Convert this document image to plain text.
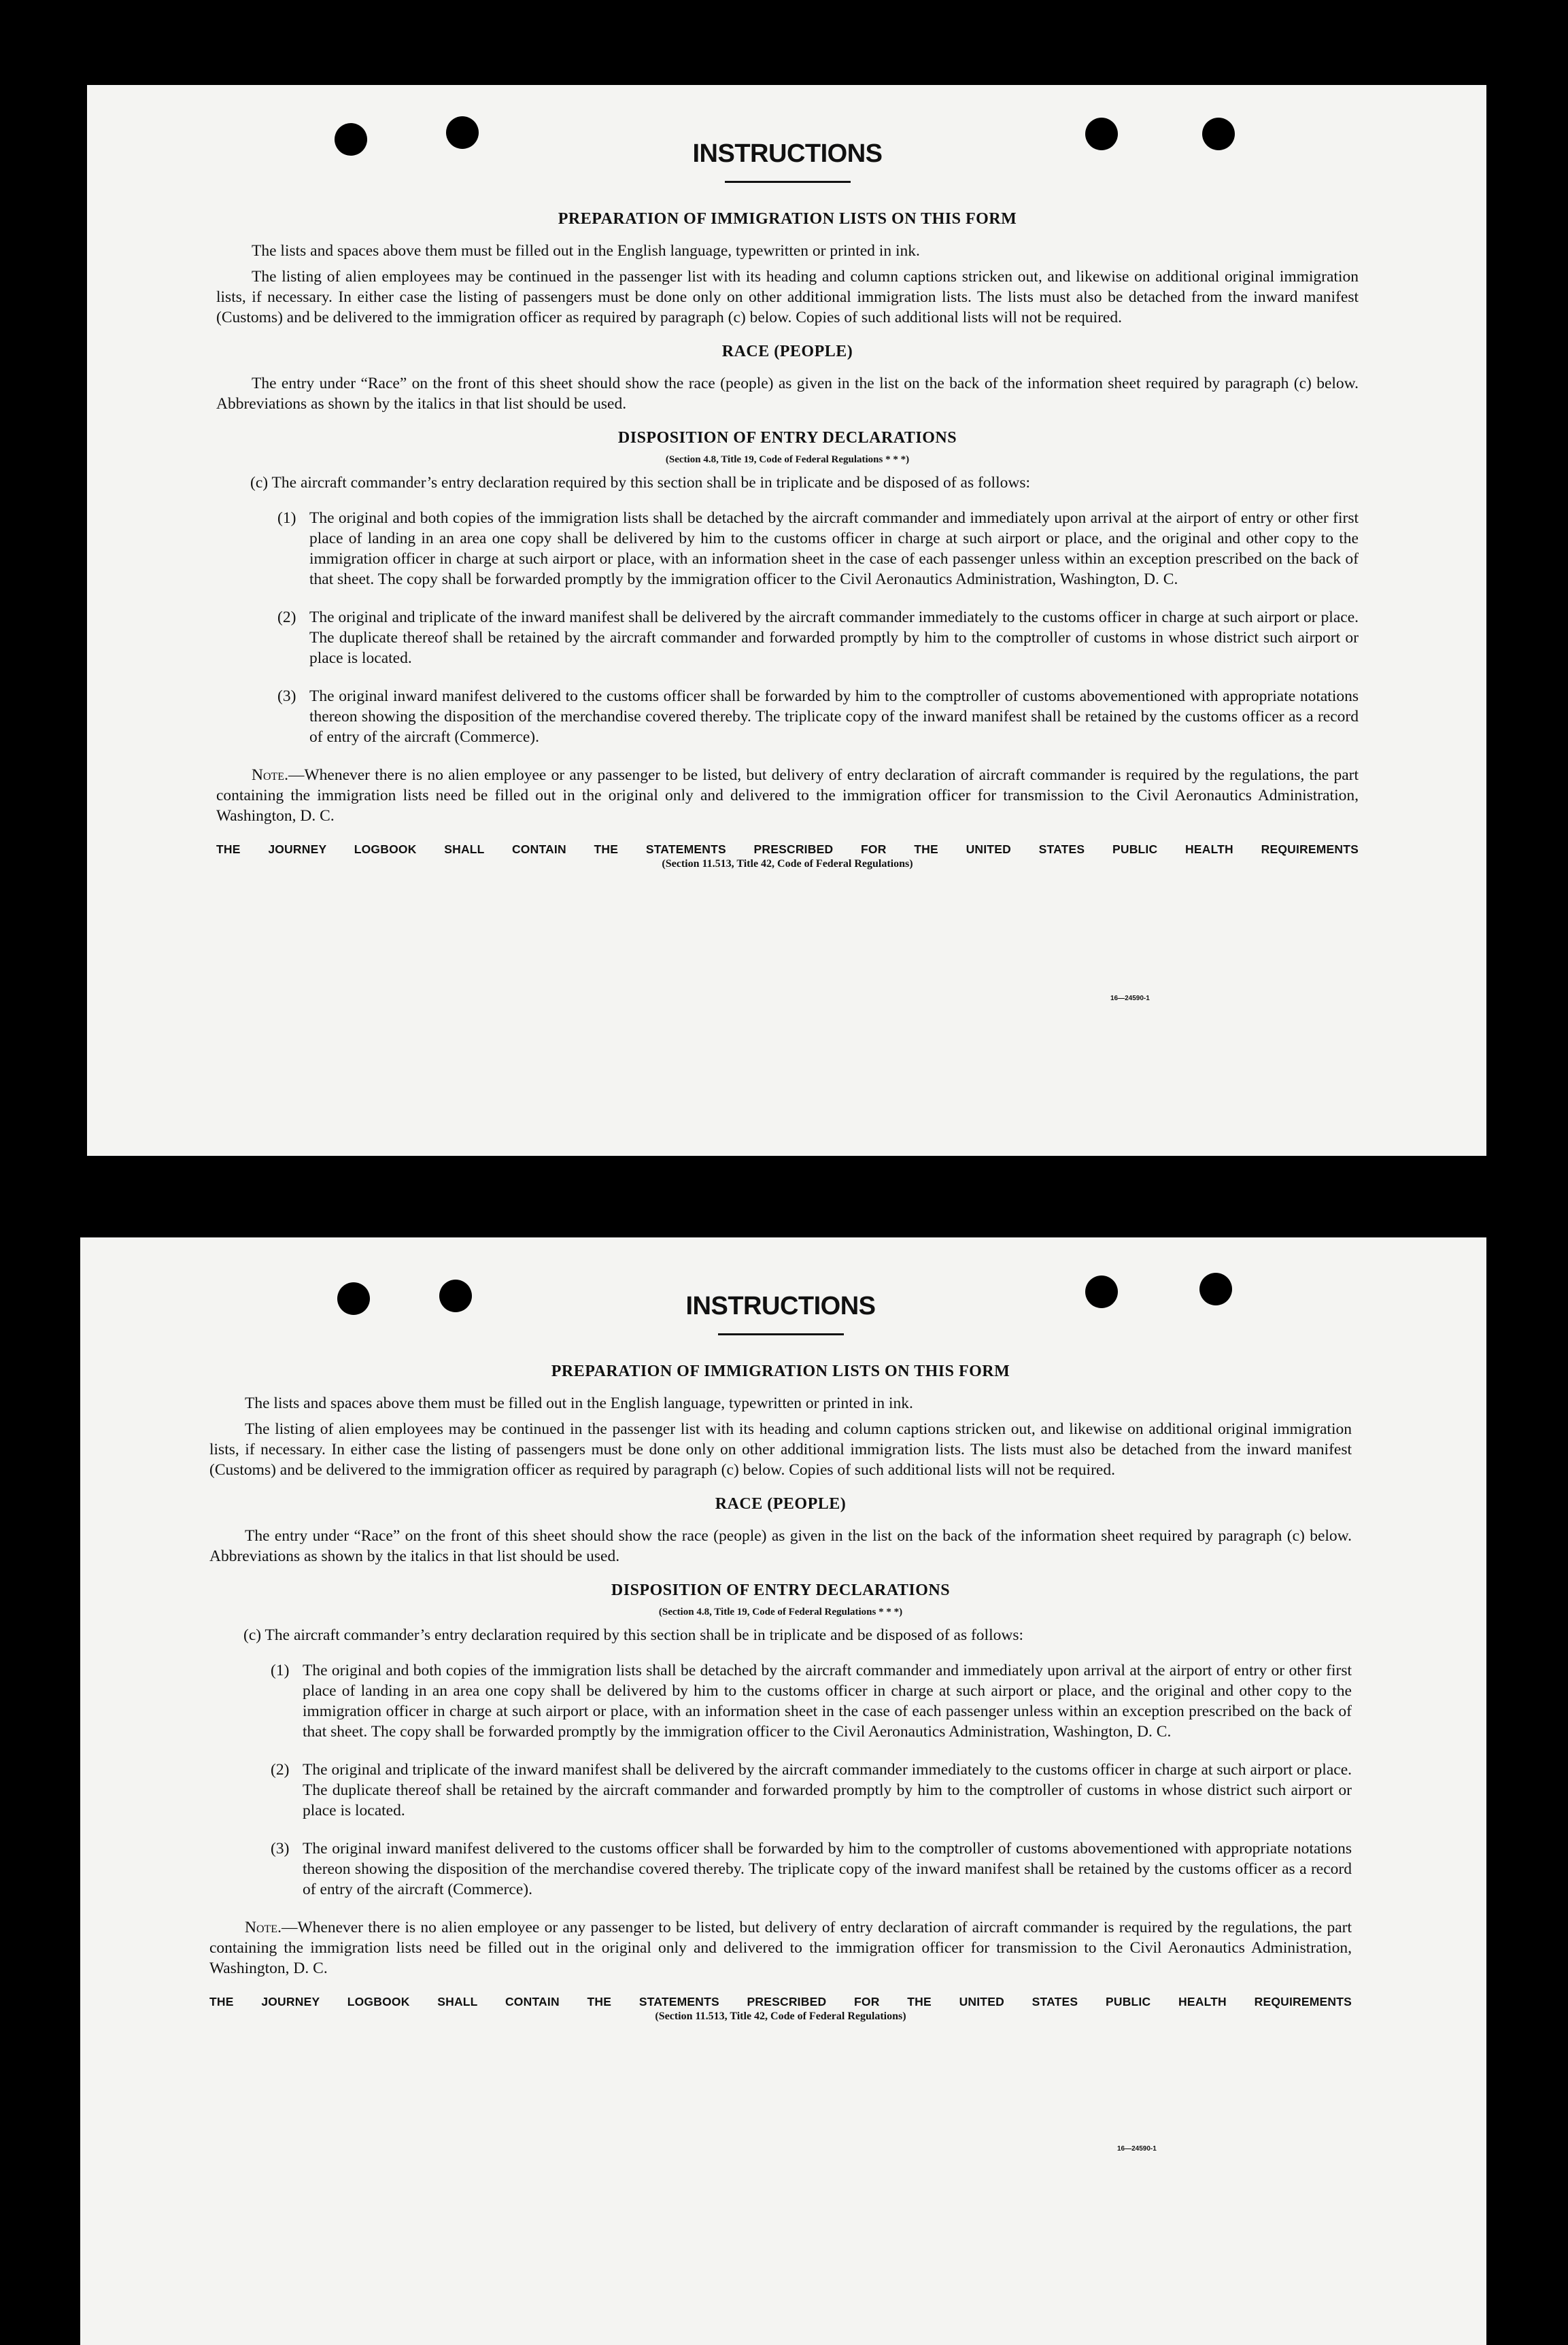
INSTRUCTIONS
PREPARATION OF IMMIGRATION LISTS ON THIS FORM

The lists and spaces above them must be filled out in the English language, typewritten or printed in ink.

The listing of alien employees may be continued in the passenger list with its heading and column captions stricken out, and likewise on additional original immigration lists, if necessary. In either case the listing of passengers must be done only on other additional immigration lists. The lists must also be detached from the inward manifest (Customs) and be delivered to the immigration officer as required by paragraph (c) below. Copies of such additional lists will not be required.

RACE (PEOPLE)

The entry under “Race” on the front of this sheet should show the race (people) as given in the list on the back of the information sheet required by paragraph (c) below. Abbreviations as shown by the italics in that list should be used.

DISPOSITION OF ENTRY DECLARATIONS
(Section 4.8, Title 19, Code of Federal Regulations * * *)
(c) The aircraft commander’s entry declaration required by this section shall be in triplicate and be disposed of as follows:
(1) The original and both copies of the immigration lists shall be detached by the aircraft commander and immediately upon arrival at the airport of entry or other first place of landing in an area one copy shall be delivered by him to the customs officer in charge at such airport or place, and the original and other copy to the immigration officer in charge at such airport or place, with an information sheet in the case of each passenger unless within an exception prescribed on the back of that sheet. The copy shall be forwarded promptly by the immigration officer to the Civil Aeronautics Administration, Washington, D. C.
(2) The original and triplicate of the inward manifest shall be delivered by the aircraft commander immediately to the customs officer in charge at such airport or place. The duplicate thereof shall be retained by the aircraft commander and forwarded promptly by him to the comptroller of customs in whose district such airport or place is located.
(3) The original inward manifest delivered to the customs officer shall be forwarded by him to the comptroller of customs abovementioned with appropriate notations thereon showing the disposition of the merchandise covered thereby. The triplicate copy of the inward manifest shall be retained by the customs officer as a record of entry of the aircraft (Commerce).

Note.—Whenever there is no alien employee or any passenger to be listed, but delivery of entry declaration of aircraft commander is required by the regulations, the part containing the immigration lists need be filled out in the original only and delivered to the immigration officer for transmission to the Civil Aeronautics Administration, Washington, D. C.

THE JOURNEY LOGBOOK SHALL CONTAIN THE STATEMENTS PRESCRIBED FOR THE UNITED STATES PUBLIC HEALTH REQUIREMENTS
(Section 11.513, Title 42, Code of Federal Regulations)
16—24590-1
INSTRUCTIONS
PREPARATION OF IMMIGRATION LISTS ON THIS FORM

The lists and spaces above them must be filled out in the English language, typewritten or printed in ink.

The listing of alien employees may be continued in the passenger list with its heading and column captions stricken out, and likewise on additional original immigration lists, if necessary. In either case the listing of passengers must be done only on other additional immigration lists. The lists must also be detached from the inward manifest (Customs) and be delivered to the immigration officer as required by paragraph (c) below. Copies of such additional lists will not be required.

RACE (PEOPLE)

The entry under “Race” on the front of this sheet should show the race (people) as given in the list on the back of the information sheet required by paragraph (c) below. Abbreviations as shown by the italics in that list should be used.

DISPOSITION OF ENTRY DECLARATIONS
(Section 4.8, Title 19, Code of Federal Regulations * * *)
(c) The aircraft commander’s entry declaration required by this section shall be in triplicate and be disposed of as follows:
(1) The original and both copies of the immigration lists shall be detached by the aircraft commander and immediately upon arrival at the airport of entry or other first place of landing in an area one copy shall be delivered by him to the customs officer in charge at such airport or place, and the original and other copy to the immigration officer in charge at such airport or place, with an information sheet in the case of each passenger unless within an exception prescribed on the back of that sheet. The copy shall be forwarded promptly by the immigration officer to the Civil Aeronautics Administration, Washington, D. C.
(2) The original and triplicate of the inward manifest shall be delivered by the aircraft commander immediately to the customs officer in charge at such airport or place. The duplicate thereof shall be retained by the aircraft commander and forwarded promptly by him to the comptroller of customs in whose district such airport or place is located.
(3) The original inward manifest delivered to the customs officer shall be forwarded by him to the comptroller of customs abovementioned with appropriate notations thereon showing the disposition of the merchandise covered thereby. The triplicate copy of the inward manifest shall be retained by the customs officer as a record of entry of the aircraft (Commerce).

Note.—Whenever there is no alien employee or any passenger to be listed, but delivery of entry declaration of aircraft commander is required by the regulations, the part containing the immigration lists need be filled out in the original only and delivered to the immigration officer for transmission to the Civil Aeronautics Administration, Washington, D. C.

THE JOURNEY LOGBOOK SHALL CONTAIN THE STATEMENTS PRESCRIBED FOR THE UNITED STATES PUBLIC HEALTH REQUIREMENTS
(Section 11.513, Title 42, Code of Federal Regulations)
16—24590-1
